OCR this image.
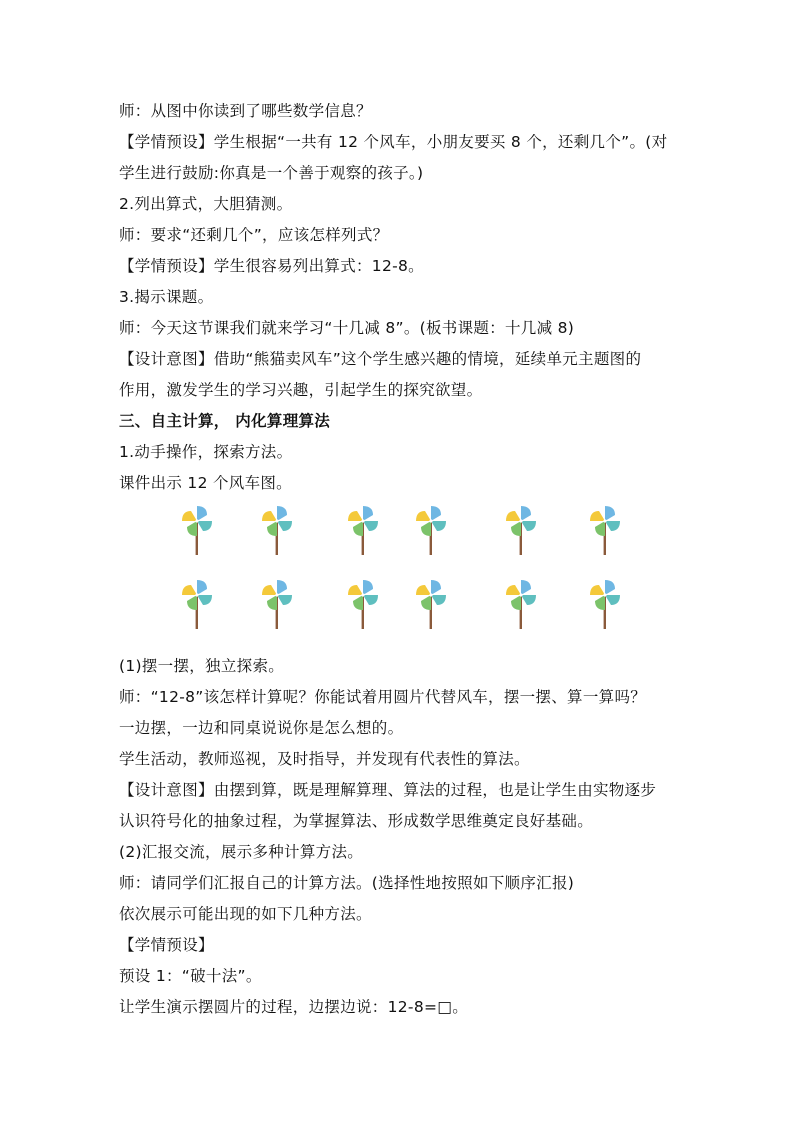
师：从图中你读到了哪些数学信息？
【学情预设】学生根据“一共有 12 个风车，小朋友要买 8 个，还剩几个”。(对
学生进行鼓励:你真是一个善于观察的孩子。)
2.列出算式，大胆猜测。
师：要求“还剩几个”，应该怎样列式？
【学情预设】学生很容易列出算式：12-8。
3.揭示课题。
师：今天这节课我们就来学习“十几减 8”。(板书课题：十几减 8)
【设计意图】借助“熊猫卖风车”这个学生感兴趣的情境，延续单元主题图的
作用，激发学生的学习兴趣，引起学生的探究欲望。
三、自主计算， 内化算理算法
1.动手操作，探索方法。
课件出示 12 个风车图。
(1)摆一摆，独立探索。
师：“12-8”该怎样计算呢？你能试着用圆片代替风车，摆一摆、算一算吗？
一边摆，一边和同桌说说你是怎么想的。
学生活动，教师巡视，及时指导，并发现有代表性的算法。
【设计意图】由摆到算，既是理解算理、算法的过程，也是让学生由实物逐步
认识符号化的抽象过程，为掌握算法、形成数学思维奠定良好基础。
(2)汇报交流，展示多种计算方法。
师：请同学们汇报自己的计算方法。(选择性地按照如下顺序汇报)
依次展示可能出现的如下几种方法。
【学情预设】
预设 1：“破十法”。
让学生演示摆圆片的过程，边摆边说：12-8=□。
